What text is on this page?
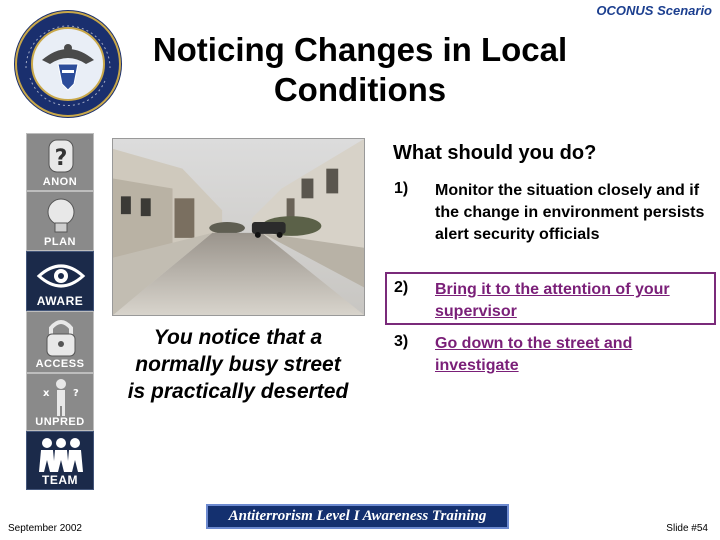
OCONUS Scenario
Noticing Changes in Local
Conditions
?
ANON
PLAN
AWARE
ACCESS
x ?
UNPRED
TEAM
You notice that a
normally busy street
is practically deserted
What should you do?
1) Monitor the situation closely and if the change in environment persists alert security officials
2) Bring it to the attention of your supervisor
3) Go down to the street and investigate
Antiterrorism Level I Awareness Training
September 2002	Slide #54
